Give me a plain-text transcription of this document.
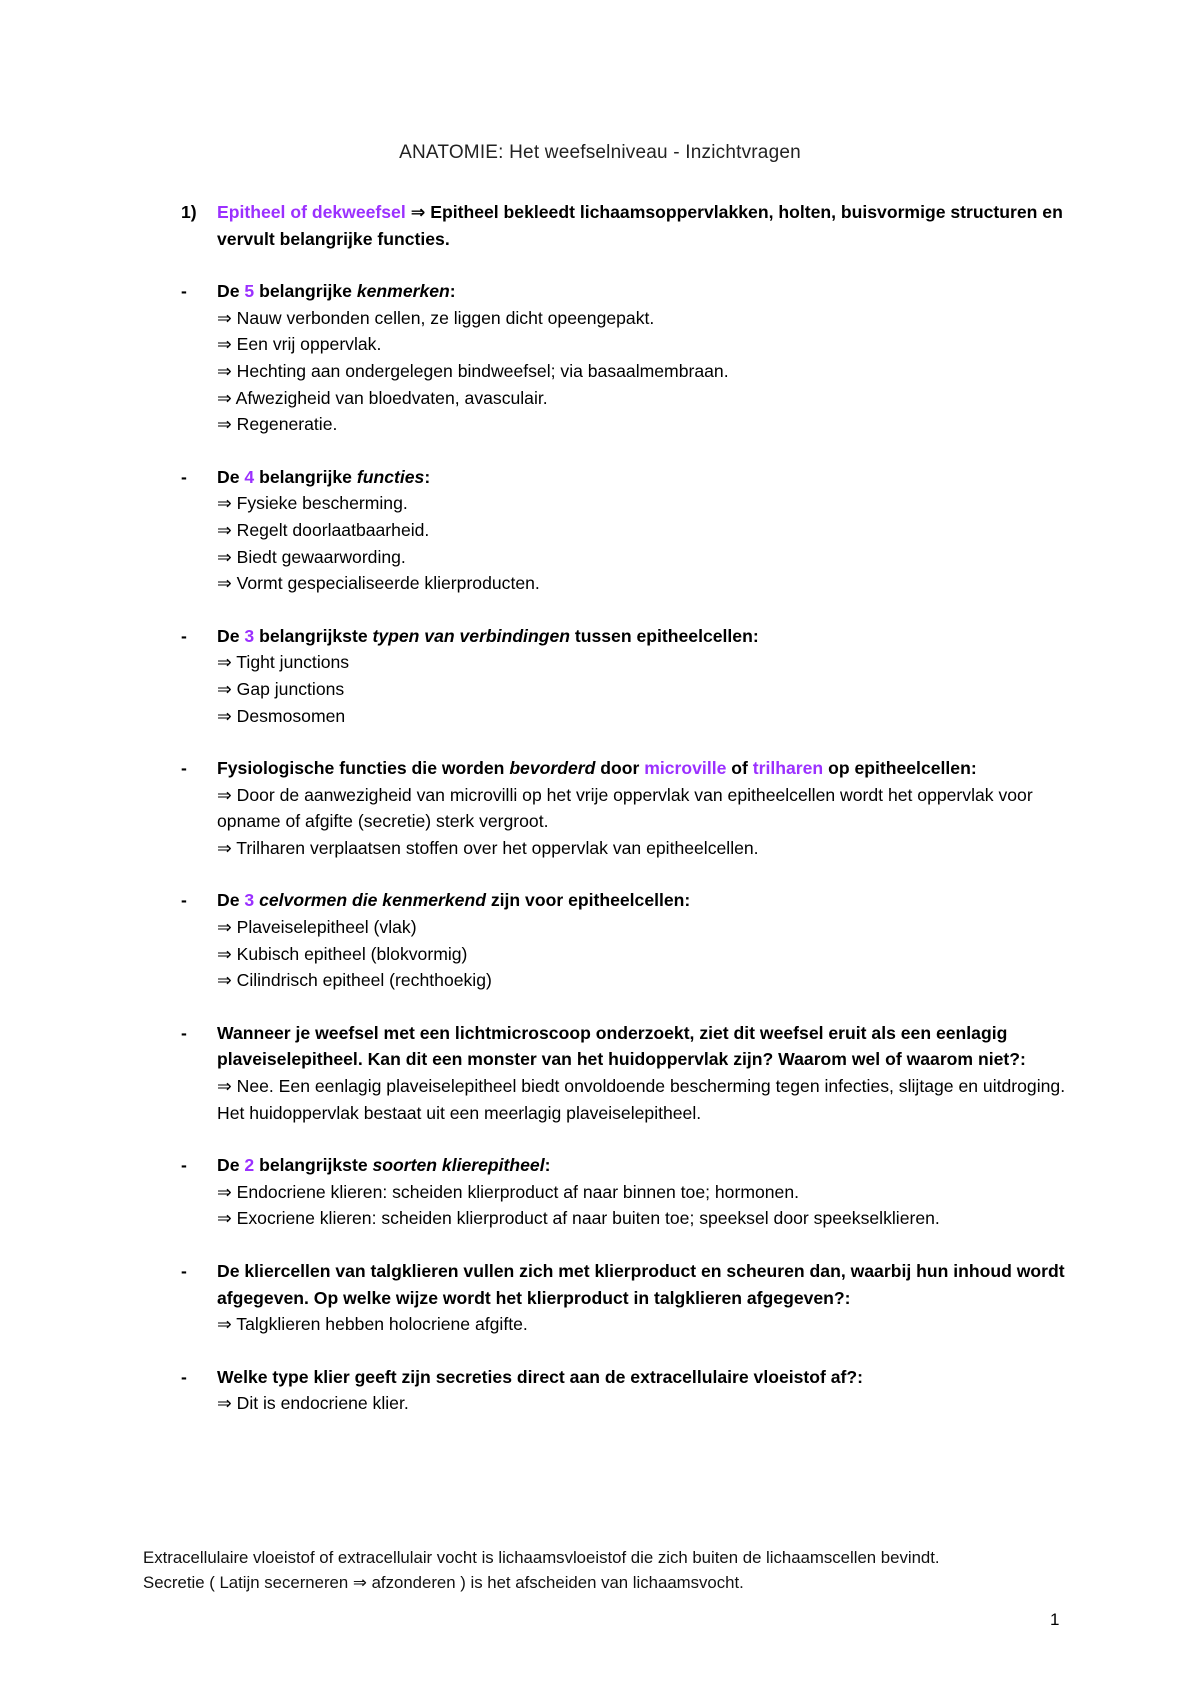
ANATOMIE: Het weefselniveau - Inzichtvragen
1) Epitheel of dekweefsel ⇒ Epitheel bekleedt lichaamsoppervlakken, holten, buisvormige structuren en vervult belangrijke functies.
- De 5 belangrijke kenmerken:
⇒ Nauw verbonden cellen, ze liggen dicht opeengepakt.
⇒ Een vrij oppervlak.
⇒ Hechting aan ondergelegen bindweefsel; via basaalmembraan.
⇒ Afwezigheid van bloedvaten, avasculair.
⇒ Regeneratie.
- De 4 belangrijke functies:
⇒ Fysieke bescherming.
⇒ Regelt doorlaatbaarheid.
⇒ Biedt gewaarwording.
⇒ Vormt gespecialiseerde klierproducten.
- De 3 belangrijkste typen van verbindingen tussen epitheelcellen:
⇒ Tight junctions
⇒ Gap junctions
⇒ Desmosomen
- Fysiologische functies die worden bevorderd door microville of trilharen op epitheelcellen:
⇒ Door de aanwezigheid van microvilli op het vrije oppervlak van epitheelcellen wordt het oppervlak voor opname of afgifte (secretie) sterk vergroot.
⇒ Trilharen verplaatsen stoffen over het oppervlak van epitheelcellen.
- De 3 celvormen die kenmerkend zijn voor epitheelcellen:
⇒ Plaveiselepitheel (vlak)
⇒ Kubisch epitheel (blokvormig)
⇒ Cilindrisch epitheel (rechthoekig)
- Wanneer je weefsel met een lichtmicroscoop onderzoekt, ziet dit weefsel eruit als een eenlagig plaveiselepitheel. Kan dit een monster van het huidoppervlak zijn? Waarom wel of waarom niet?:
⇒ Nee. Een eenlagig plaveiselepitheel biedt onvoldoende bescherming tegen infecties, slijtage en uitdroging. Het huidoppervlak bestaat uit een meerlagig plaveiselepitheel.
- De 2 belangrijkste soorten klierepitheel:
⇒ Endocriene klieren: scheiden klierproduct af naar binnen toe; hormonen.
⇒ Exocriene klieren: scheiden klierproduct af naar buiten toe; speeksel door speekselklieren.
- De kliercellen van talgklieren vullen zich met klierproduct en scheuren dan, waarbij hun inhoud wordt afgegeven. Op welke wijze wordt het klierproduct in talgklieren afgegeven?:
⇒ Talgklieren hebben holocriene afgifte.
- Welke type klier geeft zijn secreties direct aan de extracellulaire vloeistof af?:
⇒ Dit is endocriene klier.
Extracellulaire vloeistof of extracellulair vocht is lichaamsvloeistof die zich buiten de lichaamscellen bevindt.
Secretie ( Latijn secerneren ⇒ afzonderen ) is het afscheiden van lichaamsvocht.
1
